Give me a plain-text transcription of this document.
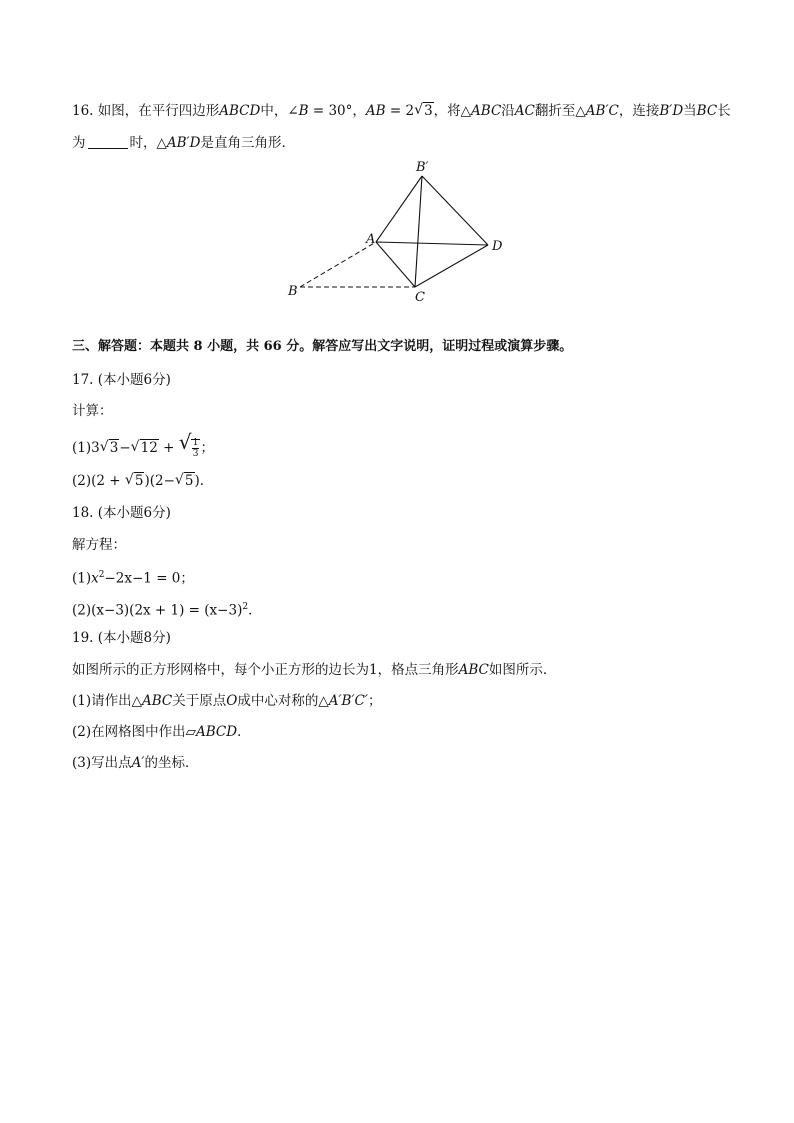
16. 如图，在平行四边形ABCD中，∠B = 30°，AB = 2 √ 3，将△ABC沿AC翻折至△AB′C，连接B′D当BC长
为	时，△AB′D是直角三角形．
B′
A	D
B	C
三、解答题：本题共 8 小题，共 66 分。解答应写出文字说明，证明过程或演算步骤。
17. (本小题6分)
计算：
(1)3 √ 3− √ 12 + √ $\frac{1}{3}$ ；
(2)(2 + √ 5)(2− √ 5)．
18. (本小题6分)
解方程：
$(1)x^2-2x-1 = 0$；
$(2)(x-3)(2x + 1) = (x-3)^2$．
19. (本小题8分)
如图所示的正方形网格中，每个小正方形的边长为1，格点三角形ABC如图所示．
(1)请作出△ABC关于原点O成中心对称的△A′B′C′；
(2)在网格图中作出▱ABCD．
(3)写出点A′的坐标．
